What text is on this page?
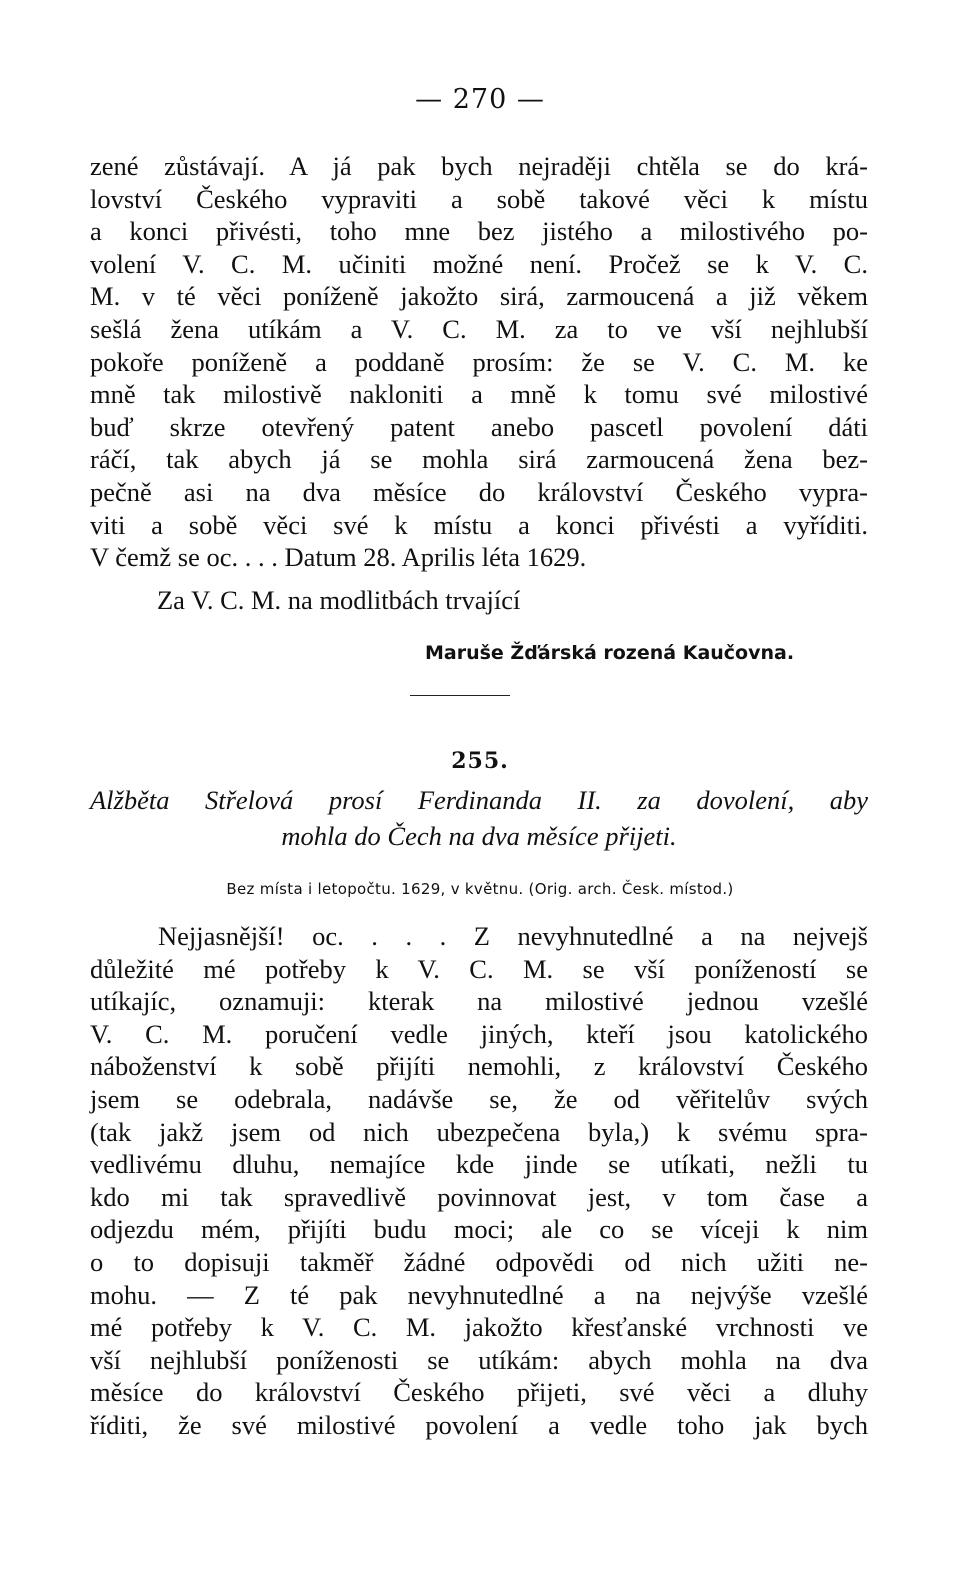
— 270 —
zené zůstávají. A já pak bych nejraději chtěla se do krá-
lovství Českého vypraviti a sobě takové věci k místu
a konci přivésti, toho mne bez jistého a milostivého po-
volení V. C. M. učiniti možné není. Pročež se k V. C.
M. v té věci poníženě jakožto sirá, zarmoucená a již věkem
sešlá žena utíkám a V. C. M. za to ve vší nejhlubší
pokoře poníženě a poddaně prosím: že se V. C. M. ke
mně tak milostivě nakloniti a mně k tomu své milostivé
buď skrze otevřený patent anebo pascetl povolení dáti
ráčí, tak abych já se mohla sirá zarmoucená žena bez-
pečně asi na dva měsíce do království Českého vypra-
viti a sobě věci své k místu a konci přivésti a vyříditi.
V čemž se oc. . . . Datum 28. Aprilis léta 1629.
Za V. C. M. na modlitbách trvající
Maruše Žďárská rozená Kaučovna.
255.
Alžběta Střelová prosí Ferdinanda II. za dovolení, aby
mohla do Čech na dva měsíce přijeti.
Bez místa i letopočtu. 1629, v květnu. (Orig. arch. Česk. místod.)
Nejjasnější! oc. . . . Z nevyhnutedlné a na nejvejš
důležité mé potřeby k V. C. M. se vší ponížeností se
utíkajíc, oznamuji: kterak na milostivé jednou vzešlé
V. C. M. poručení vedle jiných, kteří jsou katolického
náboženství k sobě přijíti nemohli, z království Českého
jsem se odebrala, nadávše se, že od věřitelův svých
(tak jakž jsem od nich ubezpečena byla,) k svému spra-
vedlivému dluhu, nemajíce kde jinde se utíkati, nežli tu
kdo mi tak spravedlivě povinnovat jest, v tom čase a
odjezdu mém, přijíti budu moci; ale co se víceji k nim
o to dopisuji takměř žádné odpovědi od nich užiti ne-
mohu. — Z té pak nevyhnutedlné a na nejvýše vzešlé
mé potřeby k V. C. M. jakožto křesťanské vrchnosti ve
vší nejhlubší poníženosti se utíkám: abych mohla na dva
měsíce do království Českého přijeti, své věci a dluhy
říditi, že své milostivé povolení a vedle toho jak bych
